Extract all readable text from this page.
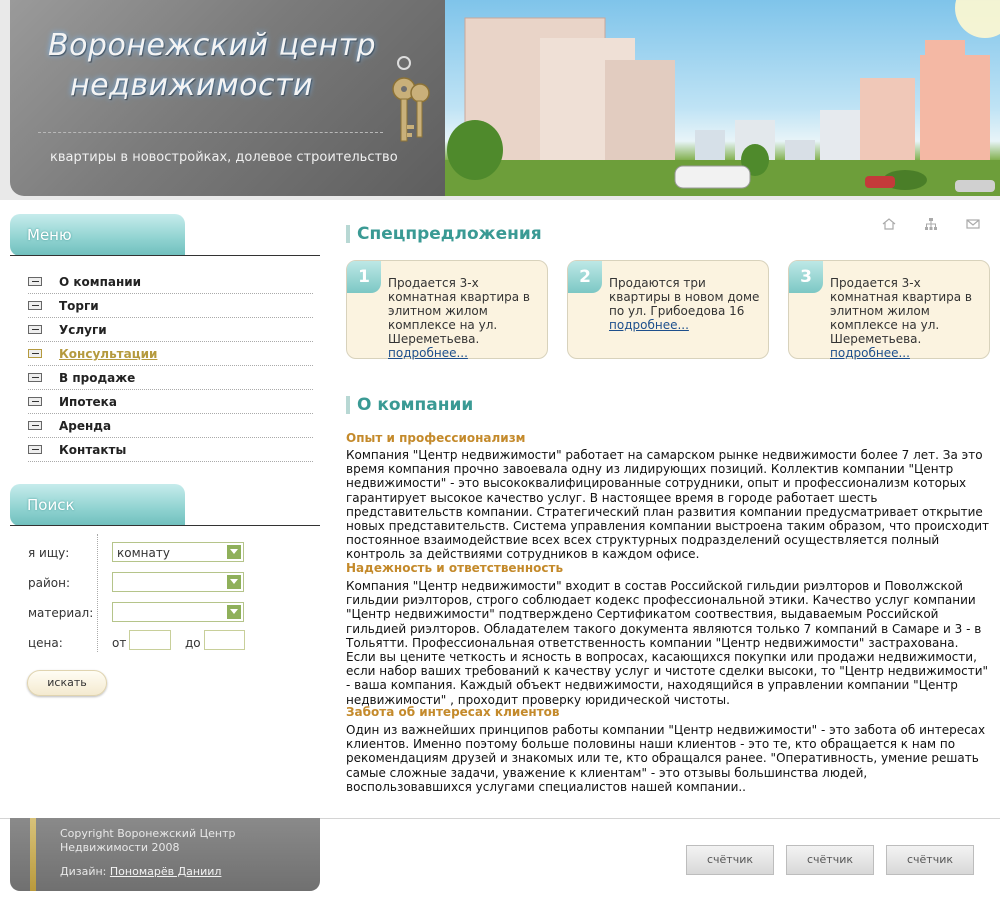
Воронежский центр
недвижимости
квартиры в новостройках, долевое строительство
Меню
О компании
Торги
Услуги
Консультации
В продаже
Ипотека
Аренда
Контакты
Поиск
я ищу:	комнату
район:
материал:
цена:	от	до
искать
Спецпредложения
1	Продается 3-х комнатная квартира в элитном жилом комплексе на ул. Шереметьева.
подробнее...
2	Продаются три квартиры в новом доме по ул. Грибоедова 16
подробнее...
3	Продается 3-х комнатная квартира в элитном жилом комплексе на ул. Шереметьева.
подробнее...
О компании
Опыт и профессионализм
Компания "Центр недвижимости" работает на самарском рынке недвижимости более 7 лет. За это время компания прочно завоевала одну из лидирующих позиций. Коллектив компании "Центр недвижимости" - это высококвалифицированные сотрудники, опыт и профессионализм которых гарантирует высокое качество услуг. В настоящее время в городе работает шесть представительств компании. Стратегический план развития компании предусматривает открытие новых представительств. Система управления компании выстроена таким образом, что происходит постоянное взаимодействие всех всех структурных подразделений осуществляется полный контроль за действиями сотрудников в каждом офисе.
Надежность и ответственность
Компания "Центр недвижимости" входит в состав Российской гильдии риэлторов и Поволжской гильдии риэлторов, строго соблюдает кодекс профессиональной этики. Качество услуг компании "Центр недвижимости" подтверждено Сертификатом соотвествия, выдаваемым Российской гильдией риэлторов. Обладателем такого документа являются только 7 компаний в Самаре и 3 - в Тольятти. Профессиональная ответственность компании "Центр недвижимости" застрахована. Если вы цените четкость и ясность в вопросах, касающихся покупки или продажи недвижимости, если набор ваших требований к качеству услуг и чистоте сделки высоки, то "Центр недвижимости" - ваша компания. Каждый объект недвижимости, находящийся в управлении компании "Центр недвижимости" , проходит проверку юридической чистоты.
Забота об интересах клиентов
Один из важнейших принципов работы компании "Центр недвижимости" - это забота об интересах клиентов. Именно поэтому больше половины наши клиентов - это те, кто обращается к нам по рекомендациям друзей и знакомых или те, кто обращался ранее. "Оперативность, умение решать самые сложные задачи, уважение к клиентам" - это отзывы большинства людей, воспользовавшихся услугами специалистов нашей компании..
Copyright Воронежский Центр Недвижимости 2008
Дизайн: Пономарёв Даниил
счётчик	счётчик	счётчик
